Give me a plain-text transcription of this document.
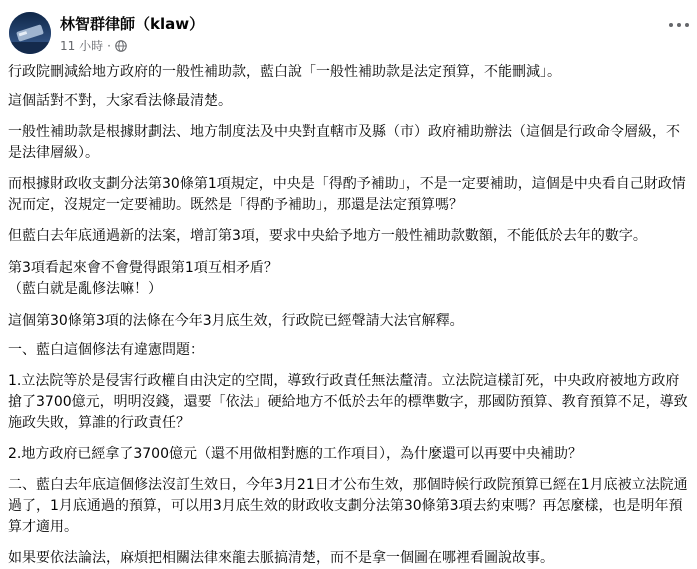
林智群律師（klaw）
11 小時 ·

行政院刪減給地方政府的一般性補助款，藍白說「一般性補助款是法定預算，不能刪減」。

這個話對不對，大家看法條最清楚。

一般性補助款是根據財劃法、地方制度法及中央對直轄市及縣（市）政府補助辦法（這個是行政命令層級，不是法律層級）。

而根據財政收支劃分法第30條第1項規定，中央是「得酌予補助」，不是一定要補助，這個是中央看自己財政情況而定，沒規定一定要補助。既然是「得酌予補助」，那還是法定預算嗎？

但藍白去年底通過新的法案，增訂第3項，要求中央給予地方一般性補助款數額，不能低於去年的數字。

第3項看起來會不會覺得跟第1項互相矛盾？
（藍白就是亂修法嘛！）

這個第30條第3項的法條在今年3月底生效，行政院已經聲請大法官解釋。

一、藍白這個修法有違憲問題：

1.立法院等於是侵害行政權自由決定的空間，導致行政責任無法釐清。立法院這樣訂死，中央政府被地方政府搶了3700億元，明明沒錢，還要「依法」硬給地方不低於去年的標準數字，那國防預算、教育預算不足，導致施政失敗，算誰的行政責任？

2.地方政府已經拿了3700億元（還不用做相對應的工作項目），為什麼還可以再要中央補助？

二、藍白去年底這個修法沒訂生效日，今年3月21日才公布生效，那個時候行政院預算已經在1月底被立法院通過了，1月底通過的預算，可以用3月底生效的財政收支劃分法第30條第3項去約束嗎？再怎麼樣，也是明年預算才適用。

如果要依法論法，麻煩把相關法律來龍去脈搞清楚，而不是拿一個圖在哪裡看圖說故事。
